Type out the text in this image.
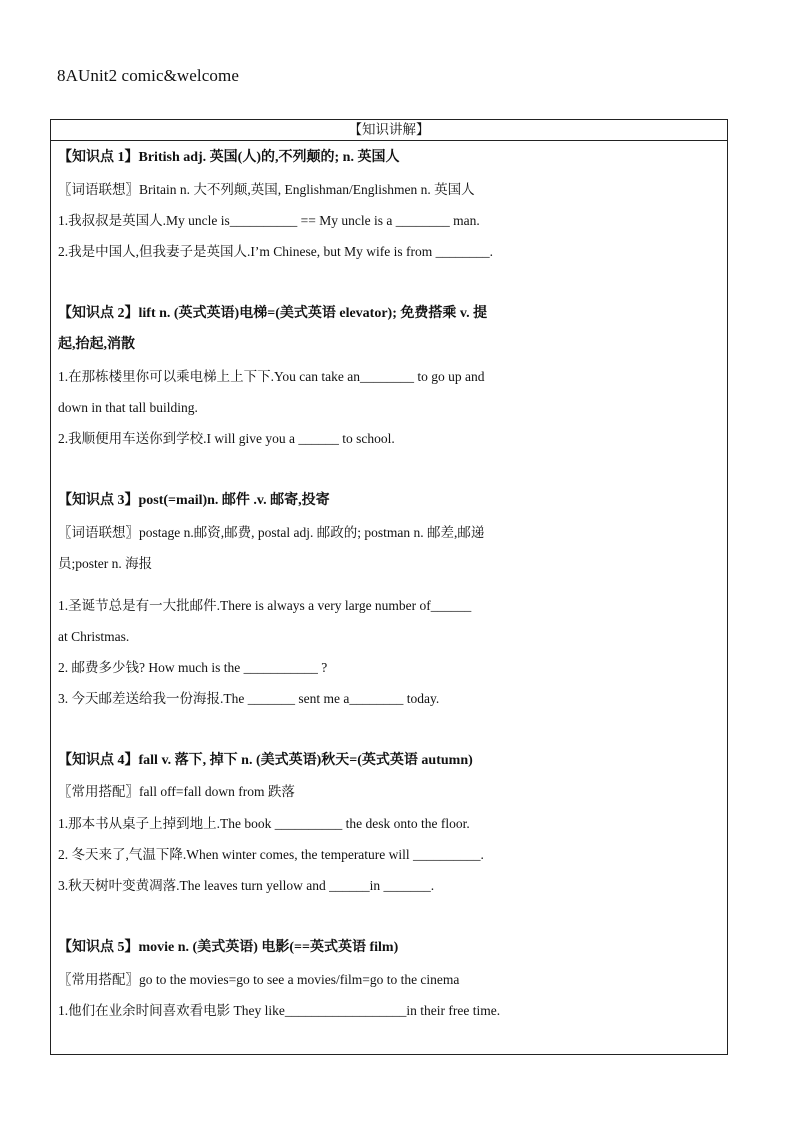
8AUnit2 comic&welcome
【知识讲解】
【知识点 1】British adj. 英国(人)的,不列颠的; n. 英国人
〖词语联想〗Britain n. 大不列颠,英国, Englishman/Englishmen n. 英国人
1.我叔叔是英国人.My uncle is__________ == My uncle is a ________ man.
2.我是中国人,但我妻子是英国人.I’m Chinese, but My wife is from ________.
【知识点 2】lift n. (英式英语)电梯=(美式英语 elevator); 免费搭乘 v. 提
起,抬起,消散
1.在那栋楼里你可以乘电梯上上下下.You can take an________ to go up and
down in that tall building.
2.我顺便用车送你到学校.I will give you a ______ to school.
【知识点 3】post(=mail)n. 邮件 .v. 邮寄,投寄
〖词语联想〗postage n.邮资,邮费, postal adj. 邮政的; postman n. 邮差,邮递
员;poster n. 海报
1.圣诞节总是有一大批邮件.There is always a very large number of______
at Christmas.
2. 邮费多少钱? How much is the ___________ ?
3. 今天邮差送给我一份海报.The _______ sent me a________ today.
【知识点 4】fall v. 落下, 掉下 n. (美式英语)秋天=(英式英语 autumn)
〖常用搭配〗fall off=fall down from 跌落
1.那本书从桌子上掉到地上.The book __________ the desk onto the floor.
2. 冬天来了,气温下降.When winter comes, the temperature will __________.
3.秋天树叶变黄凋落.The leaves turn yellow and ______in _______.
【知识点 5】movie n. (美式英语) 电影(==英式英语 film)
〖常用搭配〗go to the movies=go to see a movies/film=go to the cinema
1.他们在业余时间喜欢看电影 They like__________________in their free time.
